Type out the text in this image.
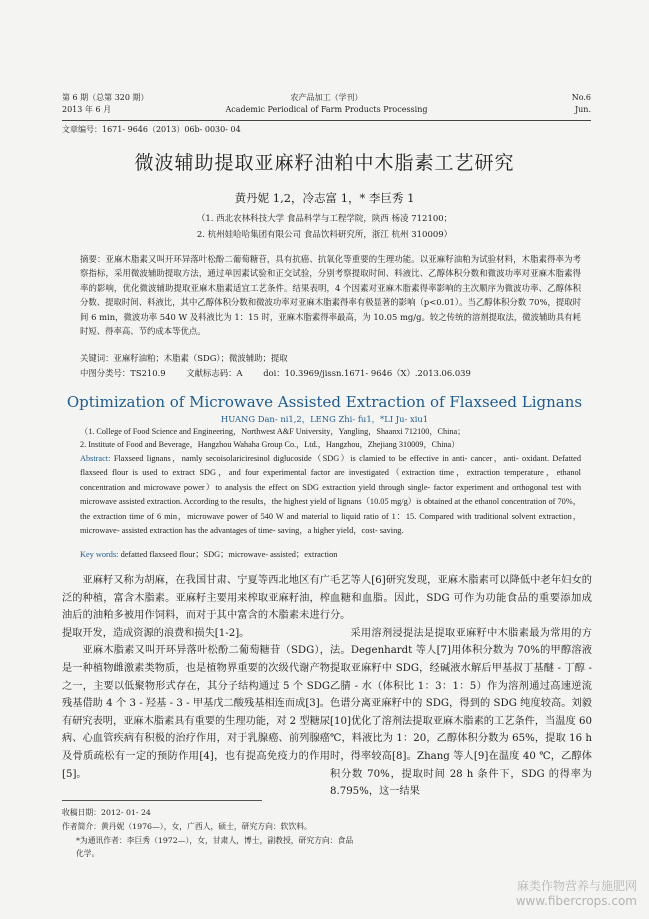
第 6 期（总第 320 期）
2013 年 6 月
农产品加工（学刊）
Academic Periodical of Farm Products Processing
No.6
Jun.
文章编号：1671- 9646（2013）06b- 0030- 04
微波辅助提取亚麻籽油粕中木脂素工艺研究
黄丹妮 1,2，冷志富 1，* 李巨秀 1
（1. 西北农林科技大学 食品科学与工程学院，陕西 杨凌 712100；
2. 杭州娃哈哈集团有限公司 食品饮料研究所，浙江 杭州 310009）
摘要：亚麻木脂素又叫开环异落叶松酚二葡萄糖苷，具有抗癌、抗氧化等重要的生理功能。以亚麻籽油粕为试验材料，木脂素得率为考察指标，采用微波辅助提取方法，通过单因素试验和正交试验，分别考察提取时间、料液比、乙醇体积分数和微波功率对亚麻木脂素得率的影响，优化微波辅助提取亚麻木脂素适宜工艺条件。结果表明，4 个因素对亚麻木脂素得率影响的主次顺序为微波功率、乙醇体积分数、提取时间、料液比，其中乙醇体积分数和微波功率对亚麻木脂素得率有极显著的影响（p<0.01）。当乙醇体积分数 70%，提取时间 6 min，微波功率 540 W 及料液比为 1：15 时，亚麻木脂素得率最高，为 10.05 mg/g。较之传统的溶剂提取法，微波辅助具有耗时短、得率高、节约成本等优点。
关键词：亚麻籽油粕；木脂素（SDG）；微波辅助；提取
中图分类号：TS210.9 文献标志码：A doi：10.3969/jissn.1671- 9646（X）.2013.06.039
Optimization of Microwave Assisted Extraction of Flaxseed Lignans
HUANG Dan- ni1,2，LENG Zhi- fu1，*LI Ju- xiu1
（1. College of Food Science and Engineering，Northwest A&F University，Yangling，Shaanxi 712100，China；
2. Institute of Food and Beverage，Hangzhou Wahaha Group Co.，Ltd.，Hangzhou，Zhejiang 310009，China）
Abstract: Flaxseed lignans，namly secoisolariciresinol diglucoside（SDG）is clamied to be effective in anti- cancer，anti- oxidant. Defatted flaxseed flour is used to extract SDG，and four experimental factor are investigated（extraction time，extraction temperature，ethanol concentration and microwave power）to analysis the effect on SDG extraction yield through single- factor experiment and orthogonal test with microwave assisted extraction. According to the results，the highest yield of lignans（10.05 mg/g）is obtained at the ethanol concentration of 70%，the extraction time of 6 min，microwave power of 540 W and material to liquid ratio of 1：15. Compared with traditional solvent extraction，microwave- assisted extraction has the advantages of time- saving，a higher yield，cost- saving.
Key words: defatted flaxseed flour；SDG；microwave- assisted；extraction

亚麻籽又称为胡麻，在我国甘肃、宁夏等西北地区有广泛的种植，富含木脂素。亚麻籽主要用来榨取亚麻籽油，榨油后的油粕多被用作饲料，而对于其中富含的木脂素未进行提取开发，造成资源的浪费和损失[1-2]。

亚麻木脂素又叫开环异落叶松酚二葡萄糖苷（SDG），是一种植物雌激素类物质，也是植物界重要的次级代谢产物之一，主要以低聚物形式存在，其分子结构通过 5 个 SDG 残基借助 4 个 3 - 羟基 - 3 - 甲基戊二酸残基相连而成[3]。有研究表明，亚麻木脂素具有重要的生理功能，对 2 型糖尿病、心血管疾病有积极的治疗作用，对于乳腺癌、前列腺癌及骨质疏松有一定的预防作用[4]，也有提高免疫力的作用[5]。

毛艺等人[6]研究发现，亚麻木脂素可以降低中老年妇女的血糖和血脂。因此，SDG 可作为功能食品的重要添加成分。

采用溶剂浸提法是提取亚麻籽中木脂素最为常用的方法。Degenhardt 等人[7]用体积分数为 70%的甲醇溶液提取亚麻籽中 SDG，经碱液水解后甲基叔丁基醚 - 丁醇 - 乙腈 - 水（体积比 1：3：1：5）作为溶剂通过高速逆流色谱分离亚麻籽中的 SDG，得到的 SDG 纯度较高。刘毅[10]优化了溶剂法提取亚麻木脂素的工艺条件，当温度 60 ℃，料液比为 1：20，乙醇体积分数为 65%，提取 16 h 时，得率较高[8]。Zhang 等人[9]在温度 40 ℃，乙醇体积分数 70%，提取时间 28 h 条件下，SDG 的得率为 8.795%，这一结果

收稿日期：2012- 01- 24
作者简介：黄丹妮（1976—），女，广西人，硕士，研究方向：软饮料。
*为通讯作者：李巨秀（1972—），女，甘肃人，博士，副教授，研究方向：食品化学。
麻类作物营养与施肥网
www.fibercrops.com
